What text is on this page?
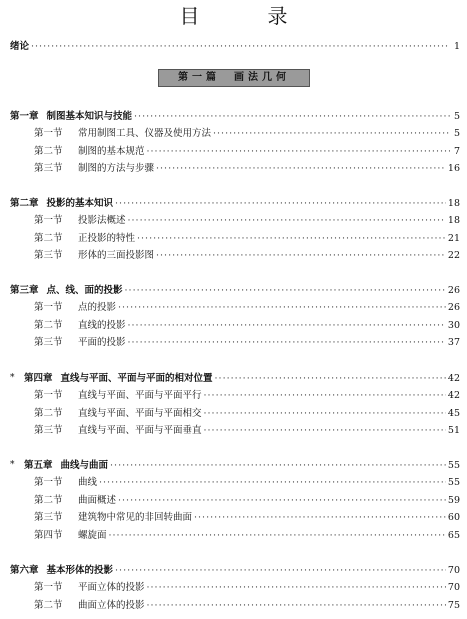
目　录
绪论 ·····	1
第一篇　画法几何
第一章 制图基本知识与技能 ·····	5
第一节 常用制图工具、仪器及使用方法 ·····	5
第二节 制图的基本规范 ·····	7
第三节 制图的方法与步骤 ·····	16
第二章 投影的基本知识 ·····	18
第一节 投影法概述 ·····	18
第二节 正投影的特性 ·····	21
第三节 形体的三面投影图 ·····	22
第三章 点、线、面的投影 ·····	26
第一节 点的投影 ·····	26
第二节 直线的投影 ·····	30
第三节 平面的投影 ·····	37
* 第四章 直线与平面、平面与平面的相对位置 ·····	42
第一节 直线与平面、平面与平面平行 ·····	42
第二节 直线与平面、平面与平面相交 ·····	45
第三节 直线与平面、平面与平面垂直 ·····	51
* 第五章 曲线与曲面 ·····	55
第一节 曲线 ·····	55
第二节 曲面概述 ·····	59
第三节 建筑物中常见的非回转曲面 ·····	60
第四节 螺旋面 ·····	65
第六章 基本形体的投影 ·····	70
第一节 平面立体的投影 ·····	70
第二节 曲面立体的投影 ·····	75
